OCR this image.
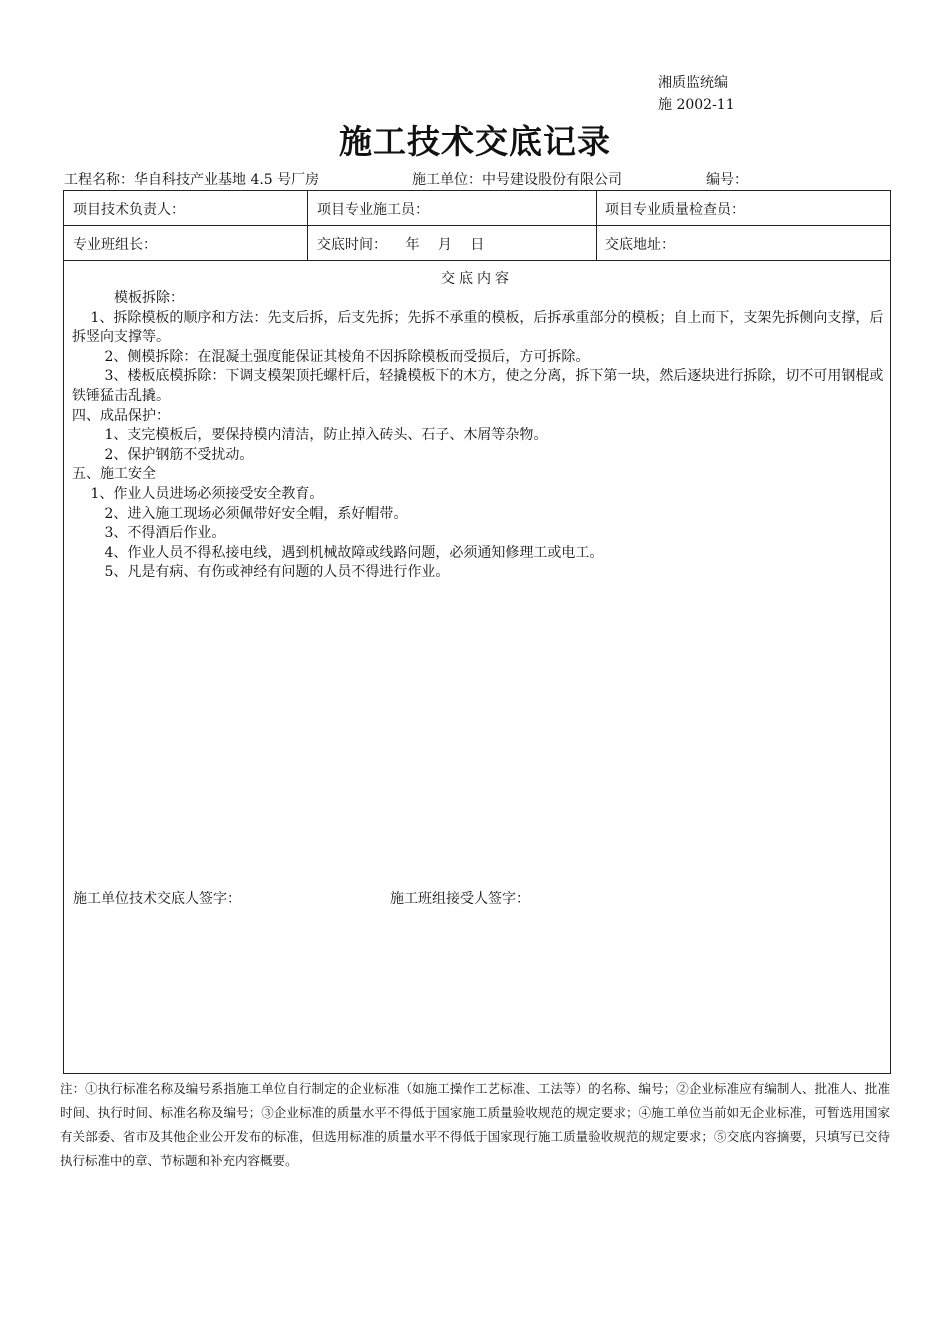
湘质监统编
施 2002-11
施工技术交底记录
工程名称：华自科技产业基地 4.5 号厂房	施工单位：中号建设股份有限公司	编号：
项目技术负责人：	项目专业施工员：	项目专业质量检查员：
专业班组长：	交底时间： 年 月 日	交底地址：
交底内容

　　　模板拆除：

　 1、拆除模板的顺序和方法：先支后拆，后支先拆；先拆不承重的模板，后拆承重部分的模板；自上而下，支架先拆侧向支撑，后拆竖向支撑等。

　　 2、侧模拆除：在混凝土强度能保证其棱角不因拆除模板而受损后，方可拆除。

　　 3、楼板底模拆除：下调支模架顶托螺杆后，轻撬模板下的木方，使之分离，拆下第一块，然后逐块进行拆除，切不可用钢棍或铁锤猛击乱撬。

四、成品保护：

　　 1、支完模板后，要保持模内清洁，防止掉入砖头、石子、木屑等杂物。

　　 2、保护钢筋不受扰动。

五、施工安全

　 1、作业人员进场必须接受安全教育。

　　 2、进入施工现场必须佩带好安全帽，系好帽带。

　　 3、不得酒后作业。

　　 4、作业人员不得私接电线，遇到机械故障或线路问题，必须通知修理工或电工。

　　 5、凡是有病、有伤或神经有问题的人员不得进行作业。

施工单位技术交底人签字：	施工班组接受人签字：
注：①执行标准名称及编号系指施工单位自行制定的企业标准（如施工操作工艺标准、工法等）的名称、编号；②企业标准应有编制人、批准人、批准时间、执行时间、标准名称及编号；③企业标准的质量水平不得低于国家施工质量验收规范的规定要求；④施工单位当前如无企业标准，可暂选用国家有关部委、省市及其他企业公开发布的标准，但选用标准的质量水平不得低于国家现行施工质量验收规范的规定要求；⑤交底内容摘要，只填写已交待执行标准中的章、节标题和补充内容概要。
